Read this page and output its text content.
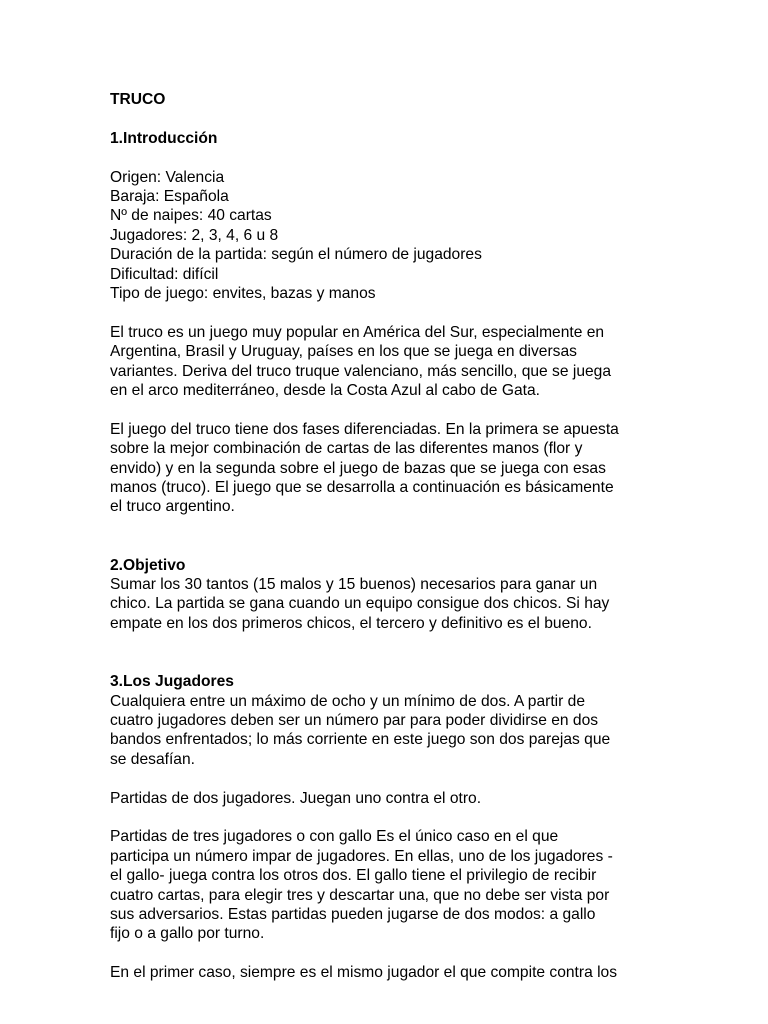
TRUCO

1.Introducción

Origen: Valencia

Baraja: Española

Nº de naipes: 40 cartas

Jugadores: 2, 3, 4, 6 u 8

Duración de la partida: según el número de jugadores

Dificultad: difícil

Tipo de juego: envites, bazas y manos

El truco es un juego muy popular en América del Sur, especialmente en

Argentina, Brasil y Uruguay, países en los que se juega en diversas

variantes. Deriva del truco truque valenciano, más sencillo, que se juega

en el arco mediterráneo, desde la Costa Azul al cabo de Gata.

El juego del truco tiene dos fases diferenciadas. En la primera se apuesta

sobre la mejor combinación de cartas de las diferentes manos (flor y

envido) y en la segunda sobre el juego de bazas que se juega con esas

manos (truco). El juego que se desarrolla a continuación es básicamente

el truco argentino.

2.Objetivo

Sumar los 30 tantos (15 malos y 15 buenos) necesarios para ganar un

chico. La partida se gana cuando un equipo consigue dos chicos. Si hay

empate en los dos primeros chicos, el tercero y definitivo es el bueno.

3.Los Jugadores

Cualquiera entre un máximo de ocho y un mínimo de dos. A partir de

cuatro jugadores deben ser un número par para poder dividirse en dos

bandos enfrentados; lo más corriente en este juego son dos parejas que

se desafían.

Partidas de dos jugadores. Juegan uno contra el otro.

Partidas de tres jugadores o con gallo Es el único caso en el que

participa un número impar de jugadores. En ellas, uno de los jugadores -

el gallo- juega contra los otros dos. El gallo tiene el privilegio de recibir

cuatro cartas, para elegir tres y descartar una, que no debe ser vista por

sus adversarios. Estas partidas pueden jugarse de dos modos: a gallo

fijo o a gallo por turno.

En el primer caso, siempre es el mismo jugador el que compite contra los
